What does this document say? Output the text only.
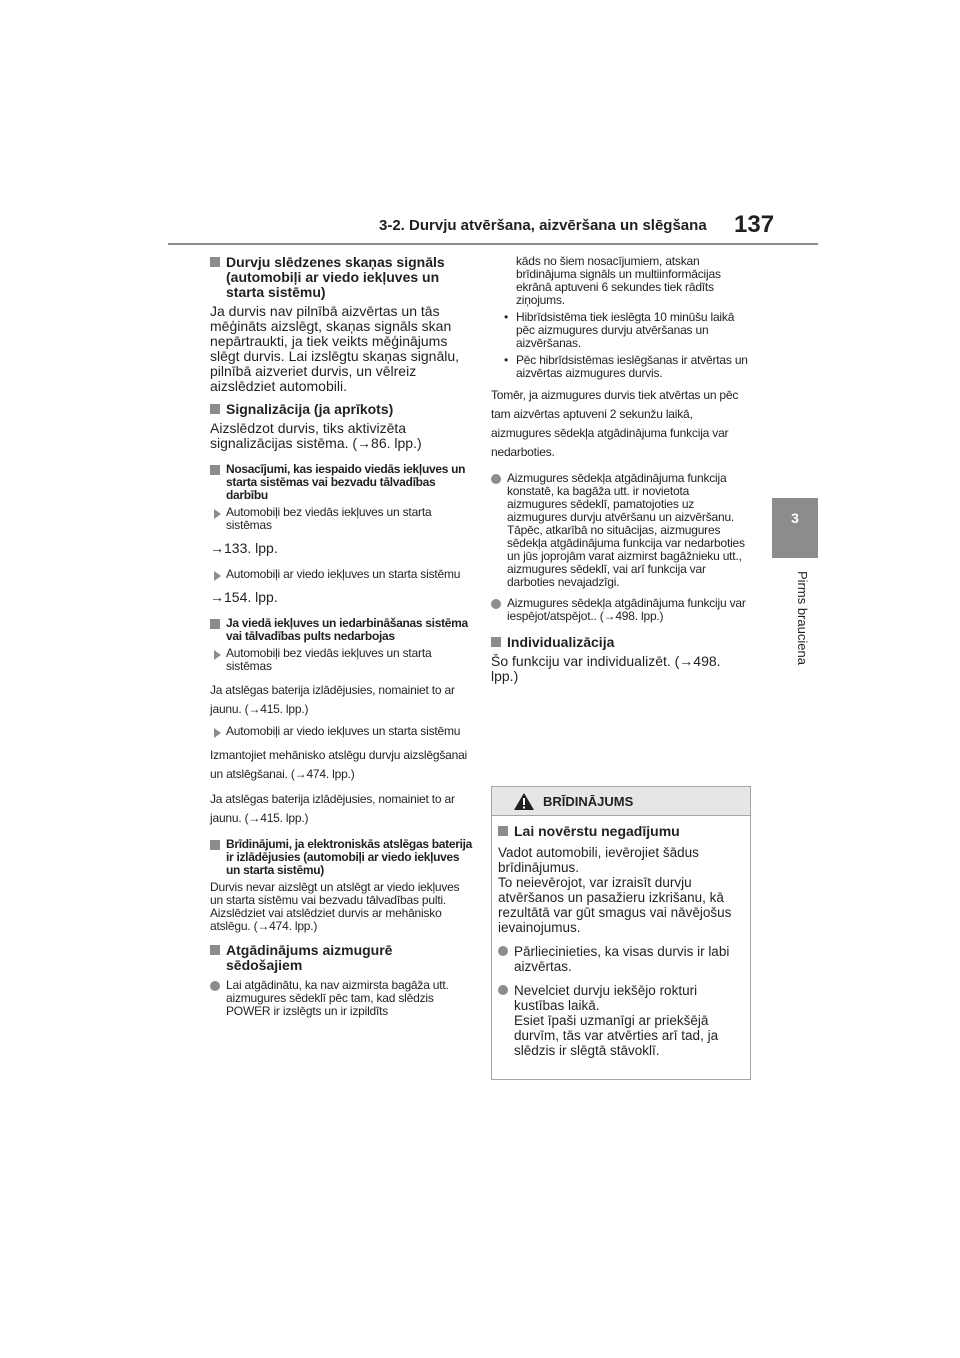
3-2. Durvju atvēršana, aizvēršana un slēgšana 137
3
Pirms brauciena
Durvju slēdzenes skaņas signāls (automobiļi ar viedo iekļuves un starta sistēmu)

Ja durvis nav pilnībā aizvērtas un tās mēģināts aizslēgt, skaņas signāls skan nepārtraukti, ja tiek veikts mēģinājums slēgt durvis. Lai izslēgtu skaņas signālu, pilnībā aizveriet durvis, un vēlreiz aizslēdziet automobili.

Signalizācija (ja aprīkots)

Aizslēdzot durvis, tiks aktivizēta signalizācijas sistēma. (→86. lpp.)

Nosacījumi, kas iespaido viedās iekļuves un starta sistēmas vai bezvadu tālvadības darbību
Automobiļi bez viedās iekļuves un starta sistēmas

→133. lpp.

Automobiļi ar viedo iekļuves un starta sistēmu

→154. lpp.

Ja viedā iekļuves un iedarbināšanas sistēma vai tālvadības pults nedarbojas
Automobiļi bez viedās iekļuves un starta sistēmas

Ja atslēgas baterija izlādējusies, nomainiet to ar jaunu. (→415. lpp.)

Automobiļi ar viedo iekļuves un starta sistēmu

Izmantojiet mehānisko atslēgu durvju aizslēgšanai un atslēgšanai. (→474. lpp.)

Ja atslēgas baterija izlādējusies, nomainiet to ar jaunu. (→415. lpp.)

Brīdinājumi, ja elektroniskās atslēgas baterija ir izlādējusies (automobiļi ar viedo iekļuves un starta sistēmu)

Durvis nevar aizslēgt un atslēgt ar viedo iekļuves un starta sistēmu vai bezvadu tālvadības pulti. Aizslēdziet vai atslēdziet durvis ar mehānisko atslēgu. (→474. lpp.)

Atgādinājums aizmugurē sēdošajiem
Lai atgādinātu, ka nav aizmirsta bagāža utt. aizmugures sēdeklī pēc tam, kad slēdzis POWER ir izslēgts un ir izpildīts

kāds no šiem nosacījumiem, atskan brīdinājuma signāls un multiinformācijas ekrānā aptuveni 6 sekundes tiek rādīts ziņojums.

• Hibrīdsistēma tiek ieslēgta 10 minūšu laikā pēc aizmugures durvju atvēršanas un aizvēršanas.
• Pēc hibrīdsistēmas ieslēgšanas ir atvērtas un aizvērtas aizmugures durvis.

Tomēr, ja aizmugures durvis tiek atvērtas un pēc tam aizvērtas aptuveni 2 sekunžu laikā, aizmugures sēdekļa atgādinājuma funkcija var nedarboties.

Aizmugures sēdekļa atgādinājuma funkcija konstatē, ka bagāža utt. ir novietota aizmugures sēdeklī, pamatojoties uz aizmugures durvju atvēršanu un aizvēršanu. Tāpēc, atkarībā no situācijas, aizmugures sēdekļa atgādinājuma funkcija var nedarboties un jūs joprojām varat aizmirst bagāžnieku utt., aizmugures sēdeklī, vai arī funkcija var darboties nevajadzīgi.
Aizmugures sēdekļa atgādinājuma funkciju var iespējot/atspējot.. (→498. lpp.)
Individualizācija

Šo funkciju var individualizēt. (→498. lpp.)

BRĪDINĀJUMS
Lai novērstu negadījumu

Vadot automobili, ievērojiet šādus brīdinājumus.
To neievērojot, var izraisīt durvju atvēršanos un pasažieru izkrišanu, kā rezultātā var gūt smagus vai nāvējošus ievainojumus.

Pārliecinieties, ka visas durvis ir labi aizvērtas.
Nevelciet durvju iekšējo rokturi kustības laikā.
Esiet īpaši uzmanīgi ar priekšējā durvīm, tās var atvērties arī tad, ja slēdzis ir slēgtā stāvoklī.
